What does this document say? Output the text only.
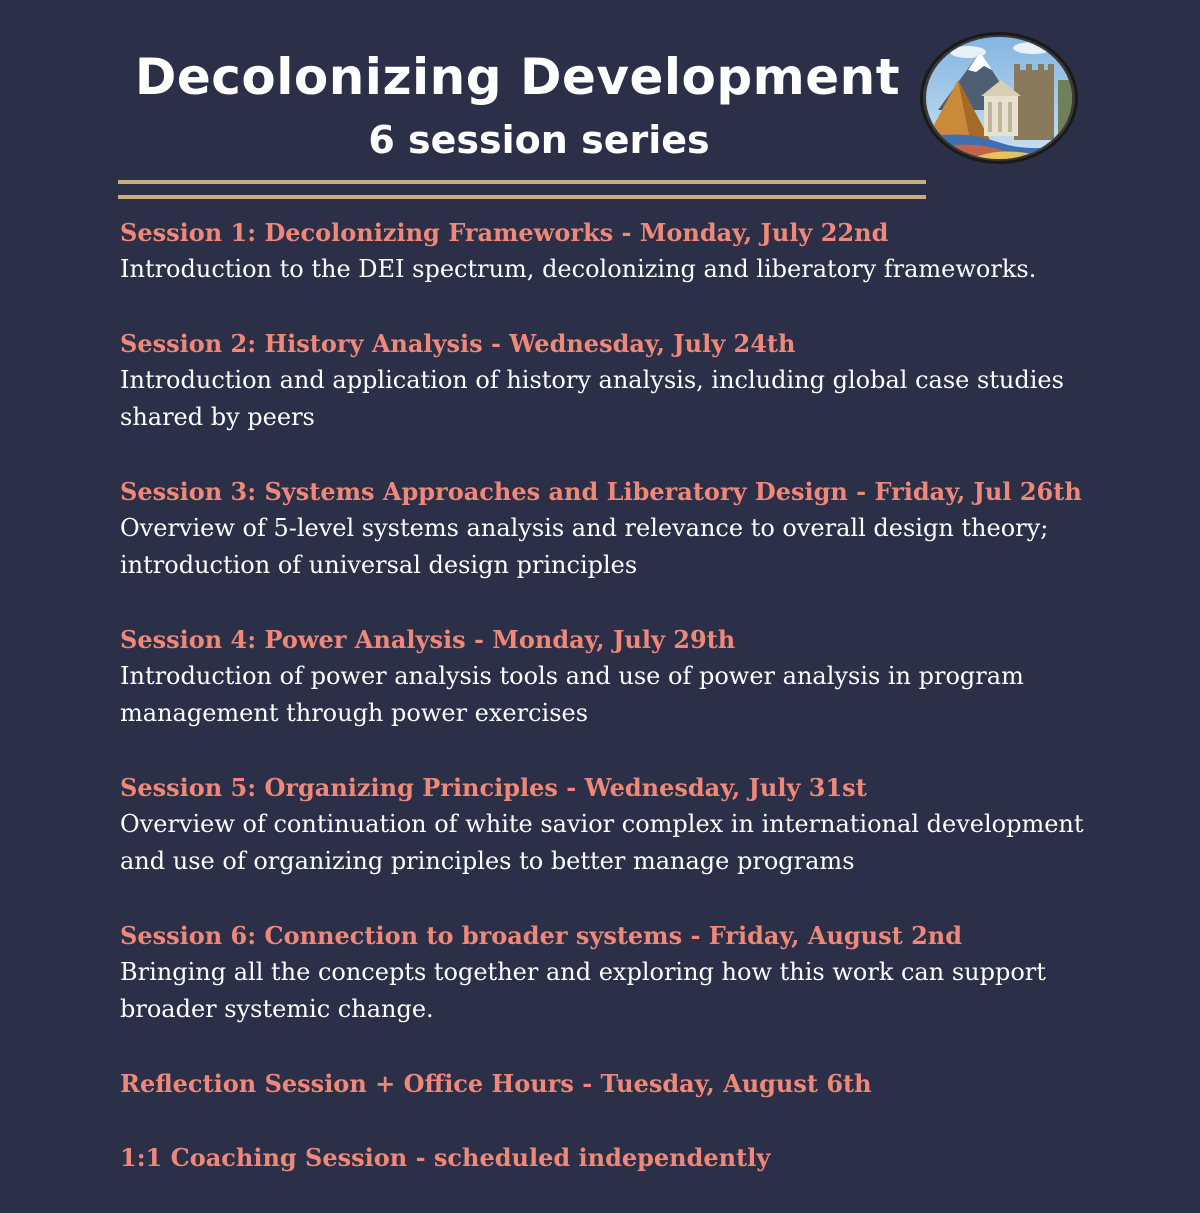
Decolonizing Development
6 session series
Session 1: Decolonizing Frameworks - Monday, July 22nd
Introduction to the DEI spectrum, decolonizing and liberatory frameworks.
Session 2: History Analysis - Wednesday, July 24th
Introduction and application of history analysis, including global case studies shared by peers
Session 3: Systems Approaches and Liberatory Design - Friday, Jul 26th
Overview of 5-level systems analysis and relevance to overall design theory; introduction of universal design principles
Session 4: Power Analysis - Monday, July 29th
Introduction of power analysis tools and use of power analysis in program management through power exercises
Session 5: Organizing Principles - Wednesday, July 31st
Overview of continuation of white savior complex in international development and use of organizing principles to better manage programs
Session 6: Connection to broader systems - Friday, August 2nd
Bringing all the concepts together and exploring how this work can support broader systemic change.
Reflection Session + Office Hours - Tuesday, August 6th
1:1 Coaching Session - scheduled independently
